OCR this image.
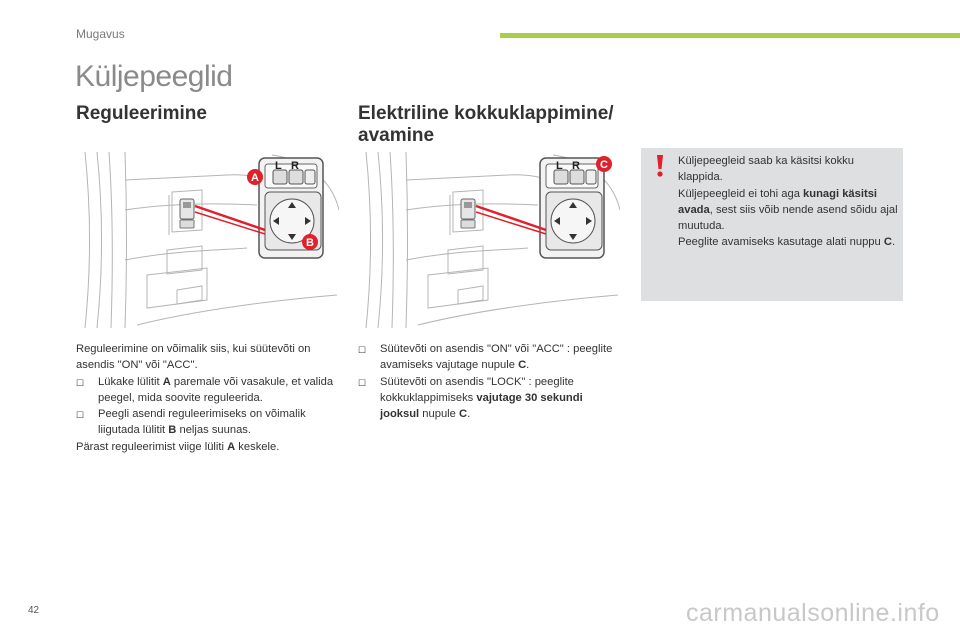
Mugavus
Küljepeeglid
Reguleerimine	Elektriline kokkuklappimine/ avamine
L R
A
B
L R C
Reguleerimine on võimalik siis, kui süütevõti on asendis "ON" või "ACC".
☐	Lükake lülitit A paremale või vasakule, et valida peegel, mida soovite reguleerida.
☐	Peegli asendi reguleerimiseks on võimalik liigutada lülitit B neljas suunas.
Pärast reguleerimist viige lüliti A keskele.
☐	Süütevõti on asendis "ON" või "ACC" : peeglite avamiseks vajutage nupule C.
☐	Süütevõti on asendis "LOCK" : peeglite kokkuklappimiseks vajutage 30 sekundi jooksul nupule C.
Küljepeegleid saab ka käsitsi kokku klappida.
Küljepeegleid ei tohi aga kunagi käsitsi avada, sest siis võib nende asend sõidu ajal muutuda.
Peeglite avamiseks kasutage alati nuppu C.
42	carmanualsonline.info
